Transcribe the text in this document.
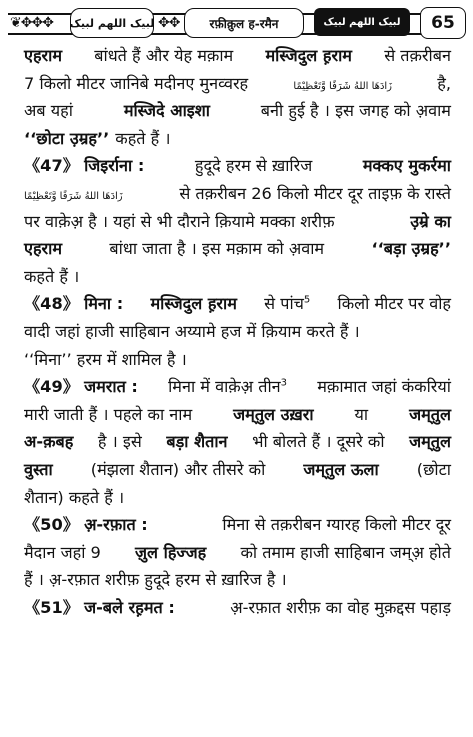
❦✥✥✥	✥✥
لبیک اللهم لبیک	रफ़ीक़ुल ह-रमैन	لبیک اللهم لبیک	65
एहराम बांधते हैं और येह मक़ाम मस्जिदुल ह़राम से तक़रीबन
7 किलो मीटर जानिबे मदीनए मुनव्वरह	زَادَهَا اللهُ شَرَفًا وَّتَعْظِيْمًا	है,
अब यहां	मस्जिदे आइशा	बनी हुई है । इस जगह को अ़वाम
‘‘छोटा उ़म्रह’’ कहते हैं ।
《47》 जिइर्राना :	हुदूदे हरम से ख़ारिज	मक्कए मुकर्रमा
زَادَهَا اللهُ شَرَفًا وَّتَعْظِيْمًا	से तक़रीबन 26 किलो मीटर दूर ताइफ़ के रास्ते
पर वाक़ेअ़ है । यहां से भी दौराने क़ियामे मक्का शरीफ़	उ़म्रे का
एहराम	बांधा जाता है । इस मक़ाम को अ़वाम	‘‘बड़ा उ़म्रह’’
कहते हैं ।
《48》 मिना : मस्जिदुल ह़राम से पांच$^5$ किलो मीटर पर वोह
वादी जहां हाजी साहिबान अय्यामे हज में क़ियाम करते हैं ।
‘‘मिना’’ हरम में शामिल है ।
《49》 जमरात : मिना में वाक़ेअ़ तीन$^3$ मक़ामात जहां कंकरियां
मारी जाती हैं । पहले का नाम	जम्‌तुल उख़रा	या	जम्‌तुल
अ-क़बह है । इसे बड़ा शैतान भी बोलते हैं । दूसरे को जम्‌तुल
वुस्ता (मंझला शैतान) और तीसरे को जम्‌तुल ऊला (छोटा
शैतान) कहते हैं ।
《50》 अ़-रफ़ात :	मिना से तक़रीबन ग्यारह किलो मीटर दूर
मैदान जहां 9 ज़ुल हिज्जह को तमाम हाजी साहिबान जम्अ़ होते
हैं । अ़-रफ़ात शरीफ़ हुदूदे हरम से ख़ारिज है ।
《51》 ज-बले रह़मत :	अ़-रफ़ात शरीफ़ का वोह मुक़द्दस पहाड़
